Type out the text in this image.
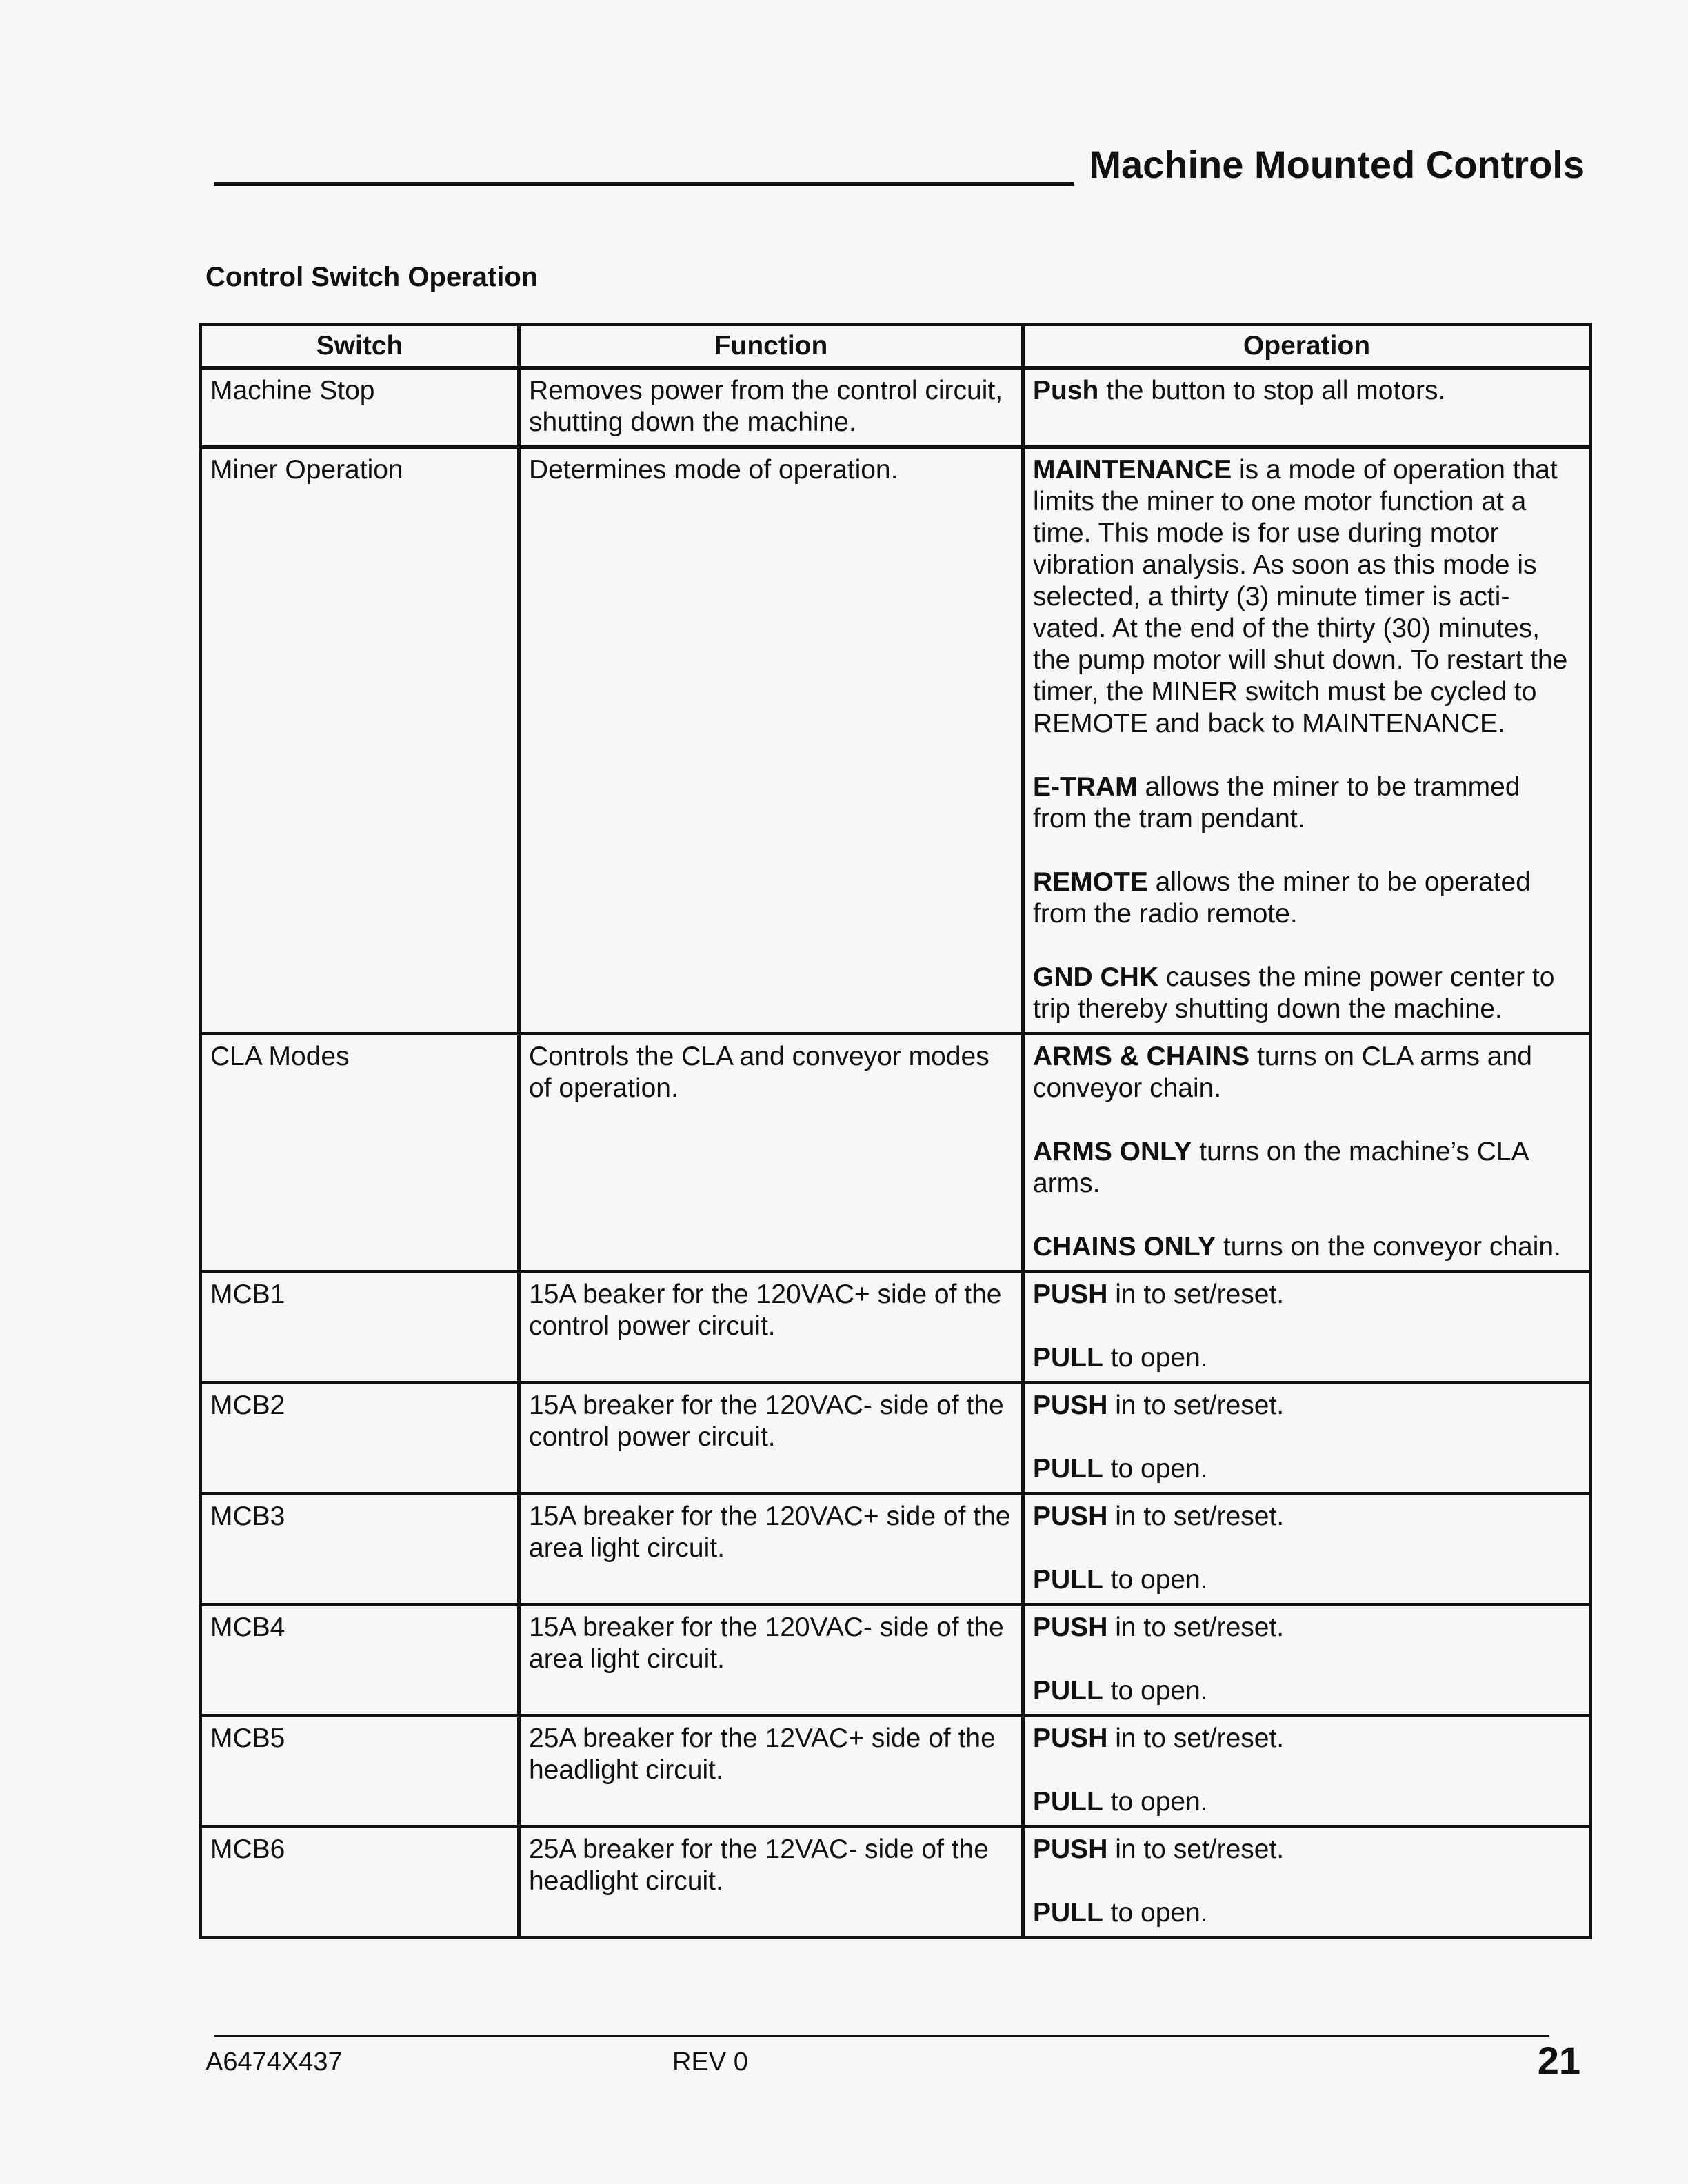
Machine Mounted Controls
Control Switch Operation
Switch	Function	Operation
Machine Stop	Removes power from the control circuit, shutting down the machine.	Push the button to stop all motors.

Miner Operation	Determines mode of operation.	MAINTENANCE is a mode of operation that limits the miner to one motor function at a time. This mode is for use during motor vibration analysis. As soon as this mode is selected, a thirty (3) minute timer is acti-vated. At the end of the thirty (30) minutes, the pump motor will shut down. To restart the timer, the MINER switch must be cycled to REMOTE and back to MAINTENANCE.
E-TRAM allows the miner to be trammed from the tram pendant.
REMOTE allows the miner to be operated from the radio remote.
GND CHK causes the mine power center to trip thereby shutting down the machine.

CLA Modes	Controls the CLA and conveyor modes of operation.	ARMS & CHAINS turns on CLA arms and conveyor chain.
ARMS ONLY turns on the machine’s CLA arms.
CHAINS ONLY turns on the conveyor chain.

MCB1	15A beaker for the 120VAC+ side of the control power circuit.	PUSH in to set/reset.
PULL to open.

MCB2	15A breaker for the 120VAC- side of the control power circuit.	PUSH in to set/reset.
PULL to open.

MCB3	15A breaker for the 120VAC+ side of the area light circuit.	PUSH in to set/reset.
PULL to open.

MCB4	15A breaker for the 120VAC- side of the area light circuit.	PUSH in to set/reset.
PULL to open.

MCB5	25A breaker for the 12VAC+ side of the headlight circuit.	PUSH in to set/reset.
PULL to open.

MCB6	25A breaker for the 12VAC- side of the headlight circuit.	PUSH in to set/reset.
PULL to open.
A6474X437	REV 0	21
